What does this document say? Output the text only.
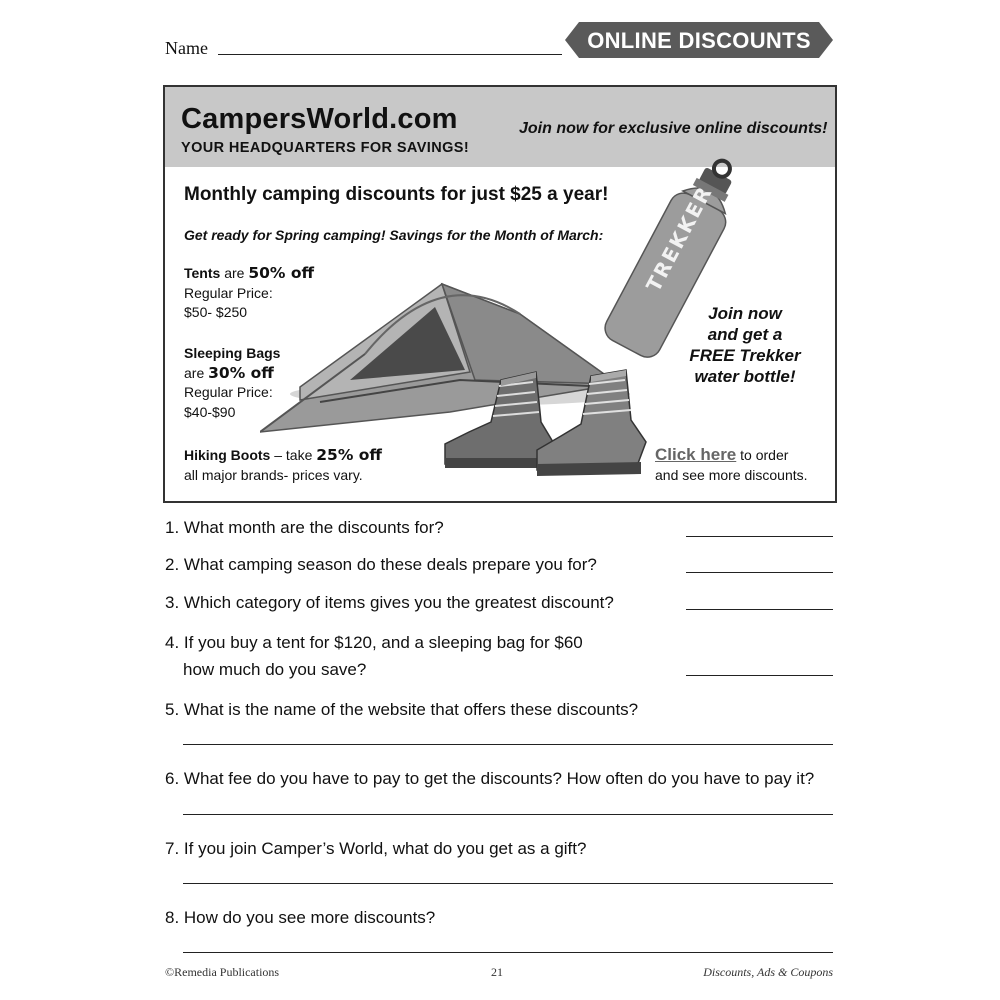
Name	ONLINE DISCOUNTS
CampersWorld.com
YOUR HEADQUARTERS FOR SAVINGS!
Join now for exclusive online discounts!
Monthly camping discounts for just $25 a year!
Get ready for Spring camping! Savings for the Month of March: TREKKER
Tents are 50% off
Regular Price:
$50- $250
Sleeping Bags
are 30% off
Regular Price:
$40-$90
Hiking Boots – take 25% off
all major brands- prices vary.
Join now
and get a
FREE Trekker
water bottle!
Click here to order
and see more discounts.
1. What month are the discounts for?
2. What camping season do these deals prepare you for?
3. Which category of items gives you the greatest discount?
4. If you buy a tent for $120, and a sleeping bag for $60
how much do you save?
5. What is the name of the website that offers these discounts?
6. What fee do you have to pay to get the discounts? How often do you have to pay it?
7. If you join Camper’s World, what do you get as a gift?
8. How do you see more discounts?
©Remedia Publications	21	Discounts, Ads & Coupons
